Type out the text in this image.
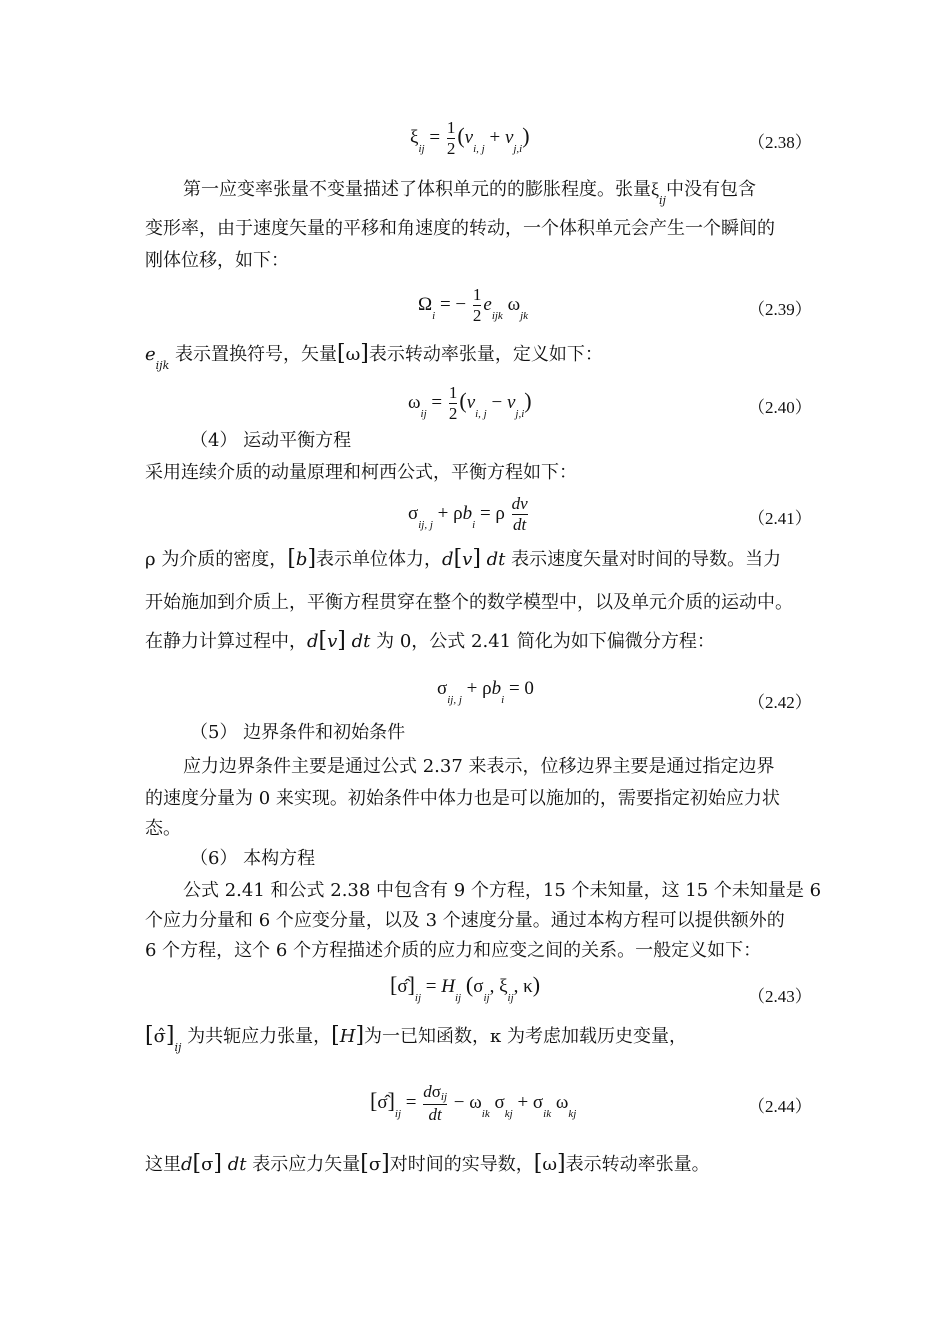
$\xi_{ij} = \frac{1}{2} (v_{i, j} + v_{j,i})$	（2.38）
第一应变率张量不变量描述了体积单元的的膨胀程度。张量$\xi_{ij}$中没有包含
变形率，由于速度矢量的平移和角速度的转动，一个体积单元会产生一个瞬间的
刚体位移，如下：
$\Omega_i$ = − $\frac{1}{2} e_{ijk}$ $\omega_{jk}$	（2.39）
$e_{ijk}$ 表示置换符号，矢量[ω]表示转动率张量，定义如下：
$\omega_{ij} = \frac{1}{2} (v_{i, j} - v_{j,i})$	（2.40）
（4） 运动平衡方程
采用连续介质的动量原理和柯西公式，平衡方程如下：
$\sigma_{ij, j} + \rho b_i = \rho \frac{dv}{dt}$	（2.41）
ρ 为介质的密度，[b]表示单位体力，d[v] dt 表示速度矢量对时间的导数。当力
开始施加到介质上，平衡方程贯穿在整个的数学模型中，以及单元介质的运动中。
在静力计算过程中，d[v] dt 为 0，公式 2.41 简化为如下偏微分方程：
$\sigma_{ij, j} + \rho b_i = 0$
（2.42）
（5） 边界条件和初始条件
应力边界条件主要是通过公式 2.37 来表示，位移边界主要是通过指定边界
的速度分量为 0 来实现。初始条件中体力也是可以施加的，需要指定初始应力状
态。
（6） 本构方程
公式 2.41 和公式 2.38 中包含有 9 个方程，15 个未知量，这 15 个未知量是 6
个应力分量和 6 个应变分量，以及 3 个速度分量。通过本构方程可以提供额外的
6 个方程，这个 6 个方程描述介质的应力和应变之间的关系。一般定义如下：
$[\sigmâ]_{ij} = H_{ij}$ ($\sigma_{ij}$, $\xi_{ij}$, κ)	（2.43）
$[\sigmâ]_{ij}$ 为共轭应力张量，[H]为一已知函数，κ 为考虑加载历史变量，
$[\sigmâ]_{ij} = \frac{\text{dσij}}{dt} - \omega_{ik}$ $\sigma_{kj} + \sigma_{ik}$ $\omega_{kj}$	（2.44）
这里d[σ] dt 表示应力矢量[σ]对时间的实导数，[ω]表示转动率张量。
